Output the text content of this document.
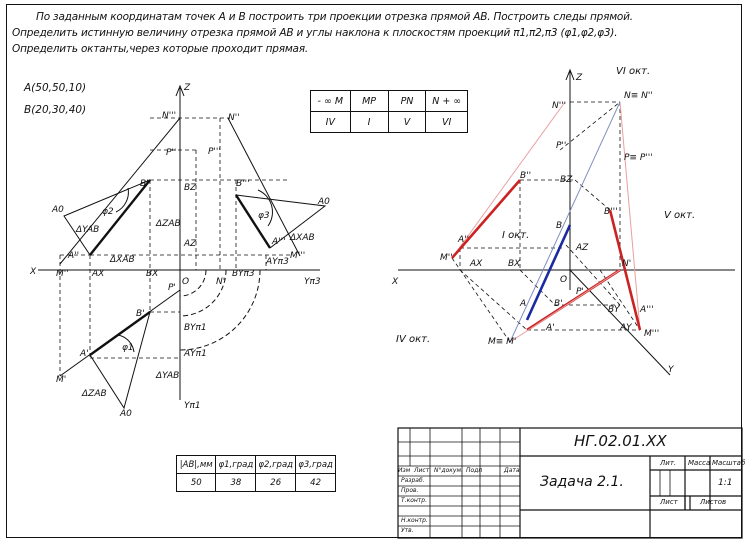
По заданным координатам точек А и В построить три проекции отрезка прямой АВ. Построить следы прямой.
Определить истинную величину отрезка прямой АВ и углы наклона к плоскостям проекций π1,π2,π3 (φ1,φ2,φ3).
Определить октанты,через которые проходит прямая.
A(50,50,10)
B(20,30,40)
- ∞ M	MP	PN	N + ∞
IV	I	V	VI
|AB|,мм	φ1,град	φ2,град	φ3,град
50	38	26	42
Z
X
O	Yπ3
Yπ1
N'''	N''
P''	P'''
B''	B'''
BZ
AZ
ΔZAB
ΔYAB
ΔXAB
ΔXAB
A0
A0
A0
A''
A'''
M''
M'''
AX	BX
N'
P'
BYπ3
AYπ3
B'
BYπ1
A'	AYπ1
M'
ΔZAB
ΔYAB
φ1
φ2	φ3
Z
X
Y
O
VI окт.
V окт.
I окт.
IV окт.
N'''
N≡ N''
P''
P≡ P'''
B''	BZ
B'''
B
AZ
A''
M''
AX	BX	N'
P'
B'
BY
A
A'
A'''
AY
M≡ M'
M'''
НГ.02.01.XX
Задача 2.1.
Изм Лист N°докум. Подп	Дата
Разраб.
Пров.
Т.контр.
Н.контр.
Утв.
Лит. Масса Масштаб
1:1
Лист	Листов
